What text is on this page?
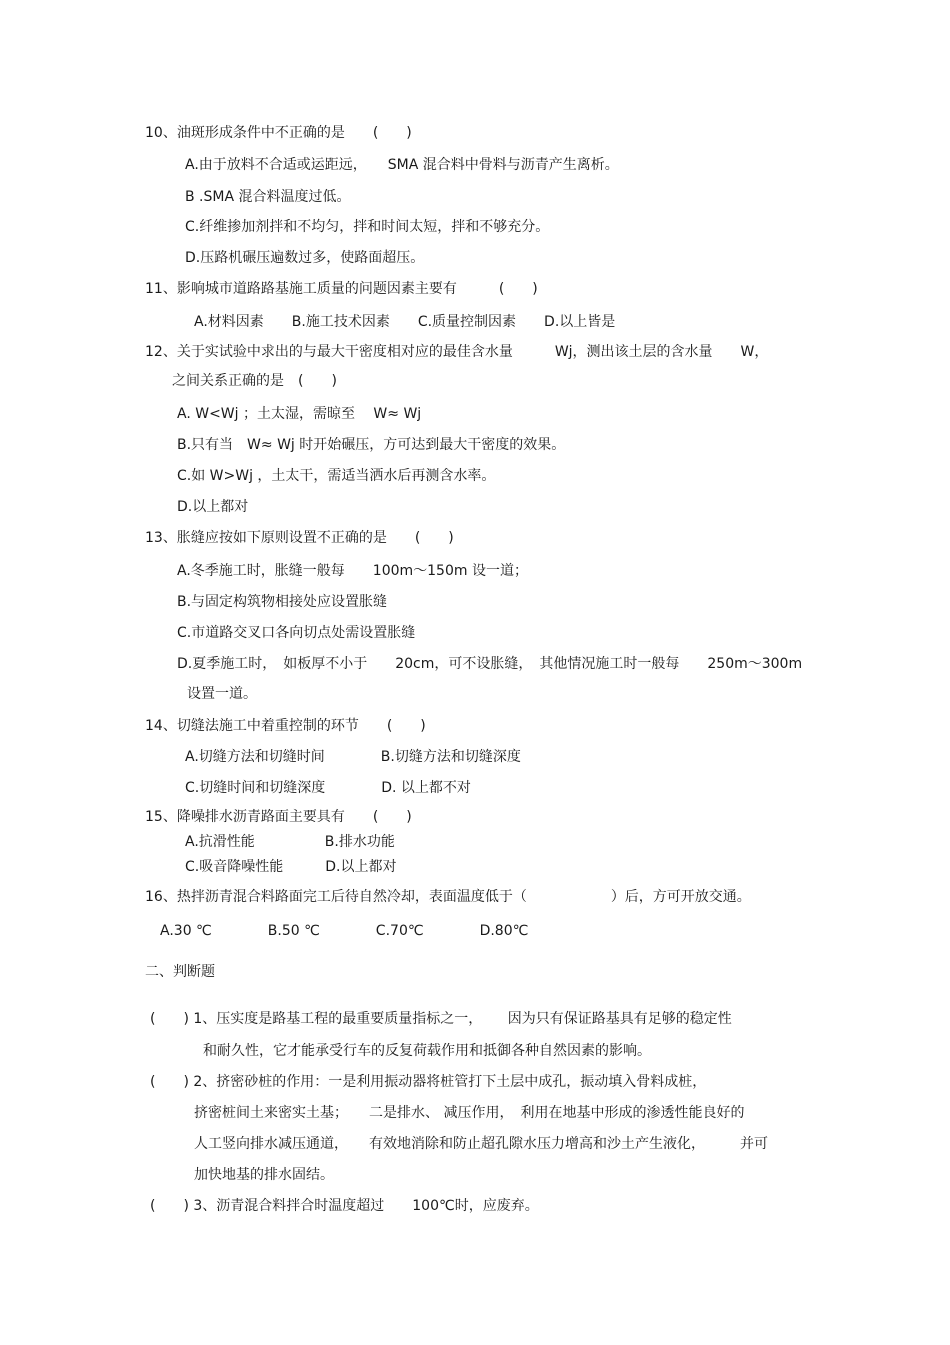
10、油斑形成条件中不正确的是　　(　　)
A.由于放料不合适或运距远，　　SMA 混合料中骨料与沥青产生离析。
B .SMA 混合料温度过低。
C.纤维掺加剂拌和不均匀，拌和时间太短，拌和不够充分。
D.压路机碾压遍数过多，使路面超压。
11、影响城市道路路基施工质量的问题因素主要有　　　(　　)
A.材料因素　　B.施工技术因素　　C.质量控制因素　　D.以上皆是
12、关于实试验中求出的与最大干密度相对应的最佳含水量　　　Wj，测出该土层的含水量　　W，
之间关系正确的是　(　　)
A. W<Wj ；土太湿，需晾至　 W≈ Wj
B.只有当　W≈ Wj 时开始碾压，方可达到最大干密度的效果。
C.如 W>Wj ，土太干，需适当洒水后再测含水率。
D.以上都对
13、胀缝应按如下原则设置不正确的是　　(　　)
A.冬季施工时，胀缝一般每　　100m～150m 设一道；
B.与固定构筑物相接处应设置胀缝
C.市道路交叉口各向切点处需设置胀缝
D.夏季施工时，　如板厚不小于　　20cm，可不设胀缝，　其他情况施工时一般每　　250m～300m
设置一道。
14、切缝法施工中着重控制的环节　　(　　)
A.切缝方法和切缝时间　　　　B.切缝方法和切缝深度
C.切缝时间和切缝深度　　　　D. 以上都不对
15、降噪排水沥青路面主要具有　　(　　)
A.抗滑性能　　　　　B.排水功能
C.吸音降噪性能　　　D.以上都对
16、热拌沥青混合料路面完工后待自然冷却，表面温度低于（　　　　　　）后，方可开放交通。
A.30 ℃　　　　B.50 ℃　　　　C.70℃　　　　D.80℃
二、判断题
(　　) 1、压实度是路基工程的最重要质量指标之一，　　 因为只有保证路基具有足够的稳定性
和耐久性，它才能承受行车的反复荷载作用和抵御各种自然因素的影响。
(　　) 2、挤密砂桩的作用：一是利用振动器将桩管打下土层中成孔，振动填入骨料成桩，
挤密桩间土来密实土基；　　二是排水、 减压作用，　利用在地基中形成的渗透性能良好的
人工竖向排水减压通道，　　有效地消除和防止超孔隙水压力增高和沙土产生液化，　　　并可
加快地基的排水固结。
(　　) 3、沥青混合料拌合时温度超过　　100℃时，应废弃。
